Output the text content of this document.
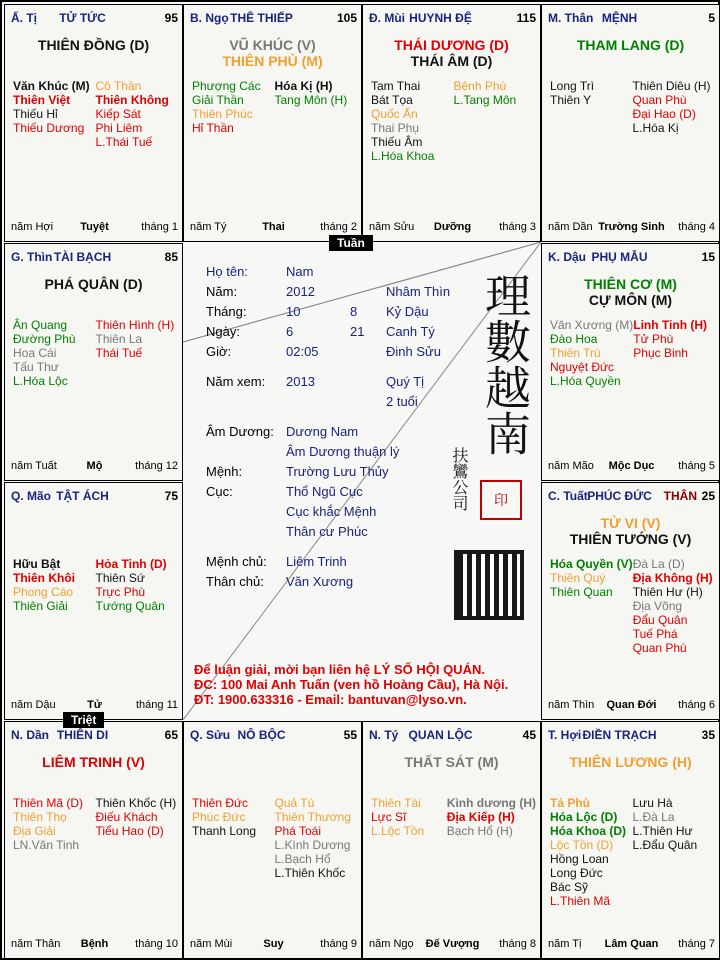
Ấ. Tị	TỬ TỨC	95
THIÊN ĐỒNG (D)
Văn Khúc (M)
Thiên Việt
Thiếu Hỉ
Thiếu Dương
Cô Thần
Thiên Không
Kiếp Sát
Phi Liêm
L.Thái Tuế
năm Hợi	Tuyệt	tháng 1
B. Ngọ THÊ THIẾP	105
VŨ KHÚC (V)
THIÊN PHỦ (M)
Phượng Các
Giải Thần
Thiên Phúc
Hỉ Thần
Hóa Kị (H)
Tang Môn (H)
năm Tý	Thai	tháng 2
Đ. Mùi HUYNH ĐỆ	115
THÁI DƯƠNG (D)
THÁI ÂM (D)
Tam Thai
Bát Tọa
Quốc Ấn
Thai Phụ
Thiếu Âm
L.Hóa Khoa
Bệnh Phù
L.Tang Môn
năm Sửu	Dưỡng	tháng 3
M. Thân MỆNH	5
THAM LANG (D)
Long Trì
Thiên Y
Thiên Diêu (H)
Quan Phù
Đại Hao (D)
L.Hóa Kị
năm Dần Trường Sinh	tháng 4
G. Thìn TÀI BẠCH	85
PHÁ QUÂN (D)
Ân Quang
Đường Phù
Hoa Cái
Tấu Thư
L.Hóa Lộc
Thiên Hình (H)
Thiên La
Thái Tuế
năm Tuất	Mộ	tháng 12
K. Dậu PHỤ MẪU	15
THIÊN CƠ (M)
CỰ MÔN (M)
Văn Xương (M)
Đào Hoa
Thiên Trù
Nguyệt Đức
L.Hóa Quyền
Linh Tinh (H)
Tử Phù
Phục Binh
năm Mão	Mộc Dục	tháng 5
Q. Mão TẬT ÁCH	75
Hữu Bật
Thiên Khôi
Phong Cáo
Thiên Giải
Hỏa Tinh (D)
Thiên Sứ
Trực Phù
Tướng Quân
năm Dậu	Tử	tháng 11
C. Tuất PHÚC ĐỨC THÂN 25
TỬ VI (V)
THIÊN TƯỚNG (V)
Hóa Quyền (V)
Thiên Quý
Thiên Quan
Đà La (D)
Địa Không (H)
Thiên Hư (H)
Địa Võng
Đẩu Quân
Tuế Phá
Quan Phù
năm Thìn	Quan Đới	tháng 6
N. Dần THIÊN DI	65
LIÊM TRINH (V)
Thiên Mã (D)
Thiên Thọ
Địa Giải
LN.Văn Tinh
Thiên Khốc (H)
Điếu Khách
Tiểu Hao (D)
năm Thân	Bệnh	tháng 10
Q. Sửu NÔ BỘC	55
Thiên Đức
Phúc Đức
Thanh Long
Quả Tú
Thiên Thương
Phá Toái
L.Kình Dương
L.Bạch Hổ
L.Thiên Khốc
năm Mùi	Suy	tháng 9
N. Tý QUAN LỘC	45
THẤT SÁT (M)
Thiên Tài
Lực Sĩ
L.Lộc Tồn
Kình dương (H)
Địa Kiếp (H)
Bạch Hổ (H)
năm Ngọ	Đế Vượng	tháng 8
T. Hợi ĐIỀN TRẠCH	35
THIÊN LƯƠNG (H)
Tả Phù
Hóa Lộc (D)
Hóa Khoa (D)
Lộc Tồn (D)
Hồng Loan
Long Đức
Bác Sỹ
L.Thiên Mã
Lưu Hà
L.Đà La
L.Thiên Hư
L.Đẩu Quân
năm Tị	Lâm Quan	tháng 7
Tuần
Triệt
Họ tên:	Nam
Năm:	2012	Nhâm Thìn
Tháng:	10	8 Kỷ Dậu
Ngày:	6	21 Canh Tý
Giờ:	02:05	Đinh Sửu
Năm xem: 2013	Quý Tị
2 tuổi
Âm Dương: Dương Nam
Âm Dương thuận lý
Mệnh:	Trường Lưu Thủy
Cục:	Thổ Ngũ Cục
Cục khắc Mệnh
Thân cư Phúc
Mệnh chủ: Liêm Trinh
Thân chủ: Văn Xương
理數越南
扶鸞公司	印
Để luận giải, mời bạn liên hệ LÝ SỐ HỘI QUÁN.
ĐC: 100 Mai Anh Tuấn (ven hồ Hoàng Cầu), Hà Nội.
ĐT: 1900.633316 - Email: bantuvan@lyso.vn.
